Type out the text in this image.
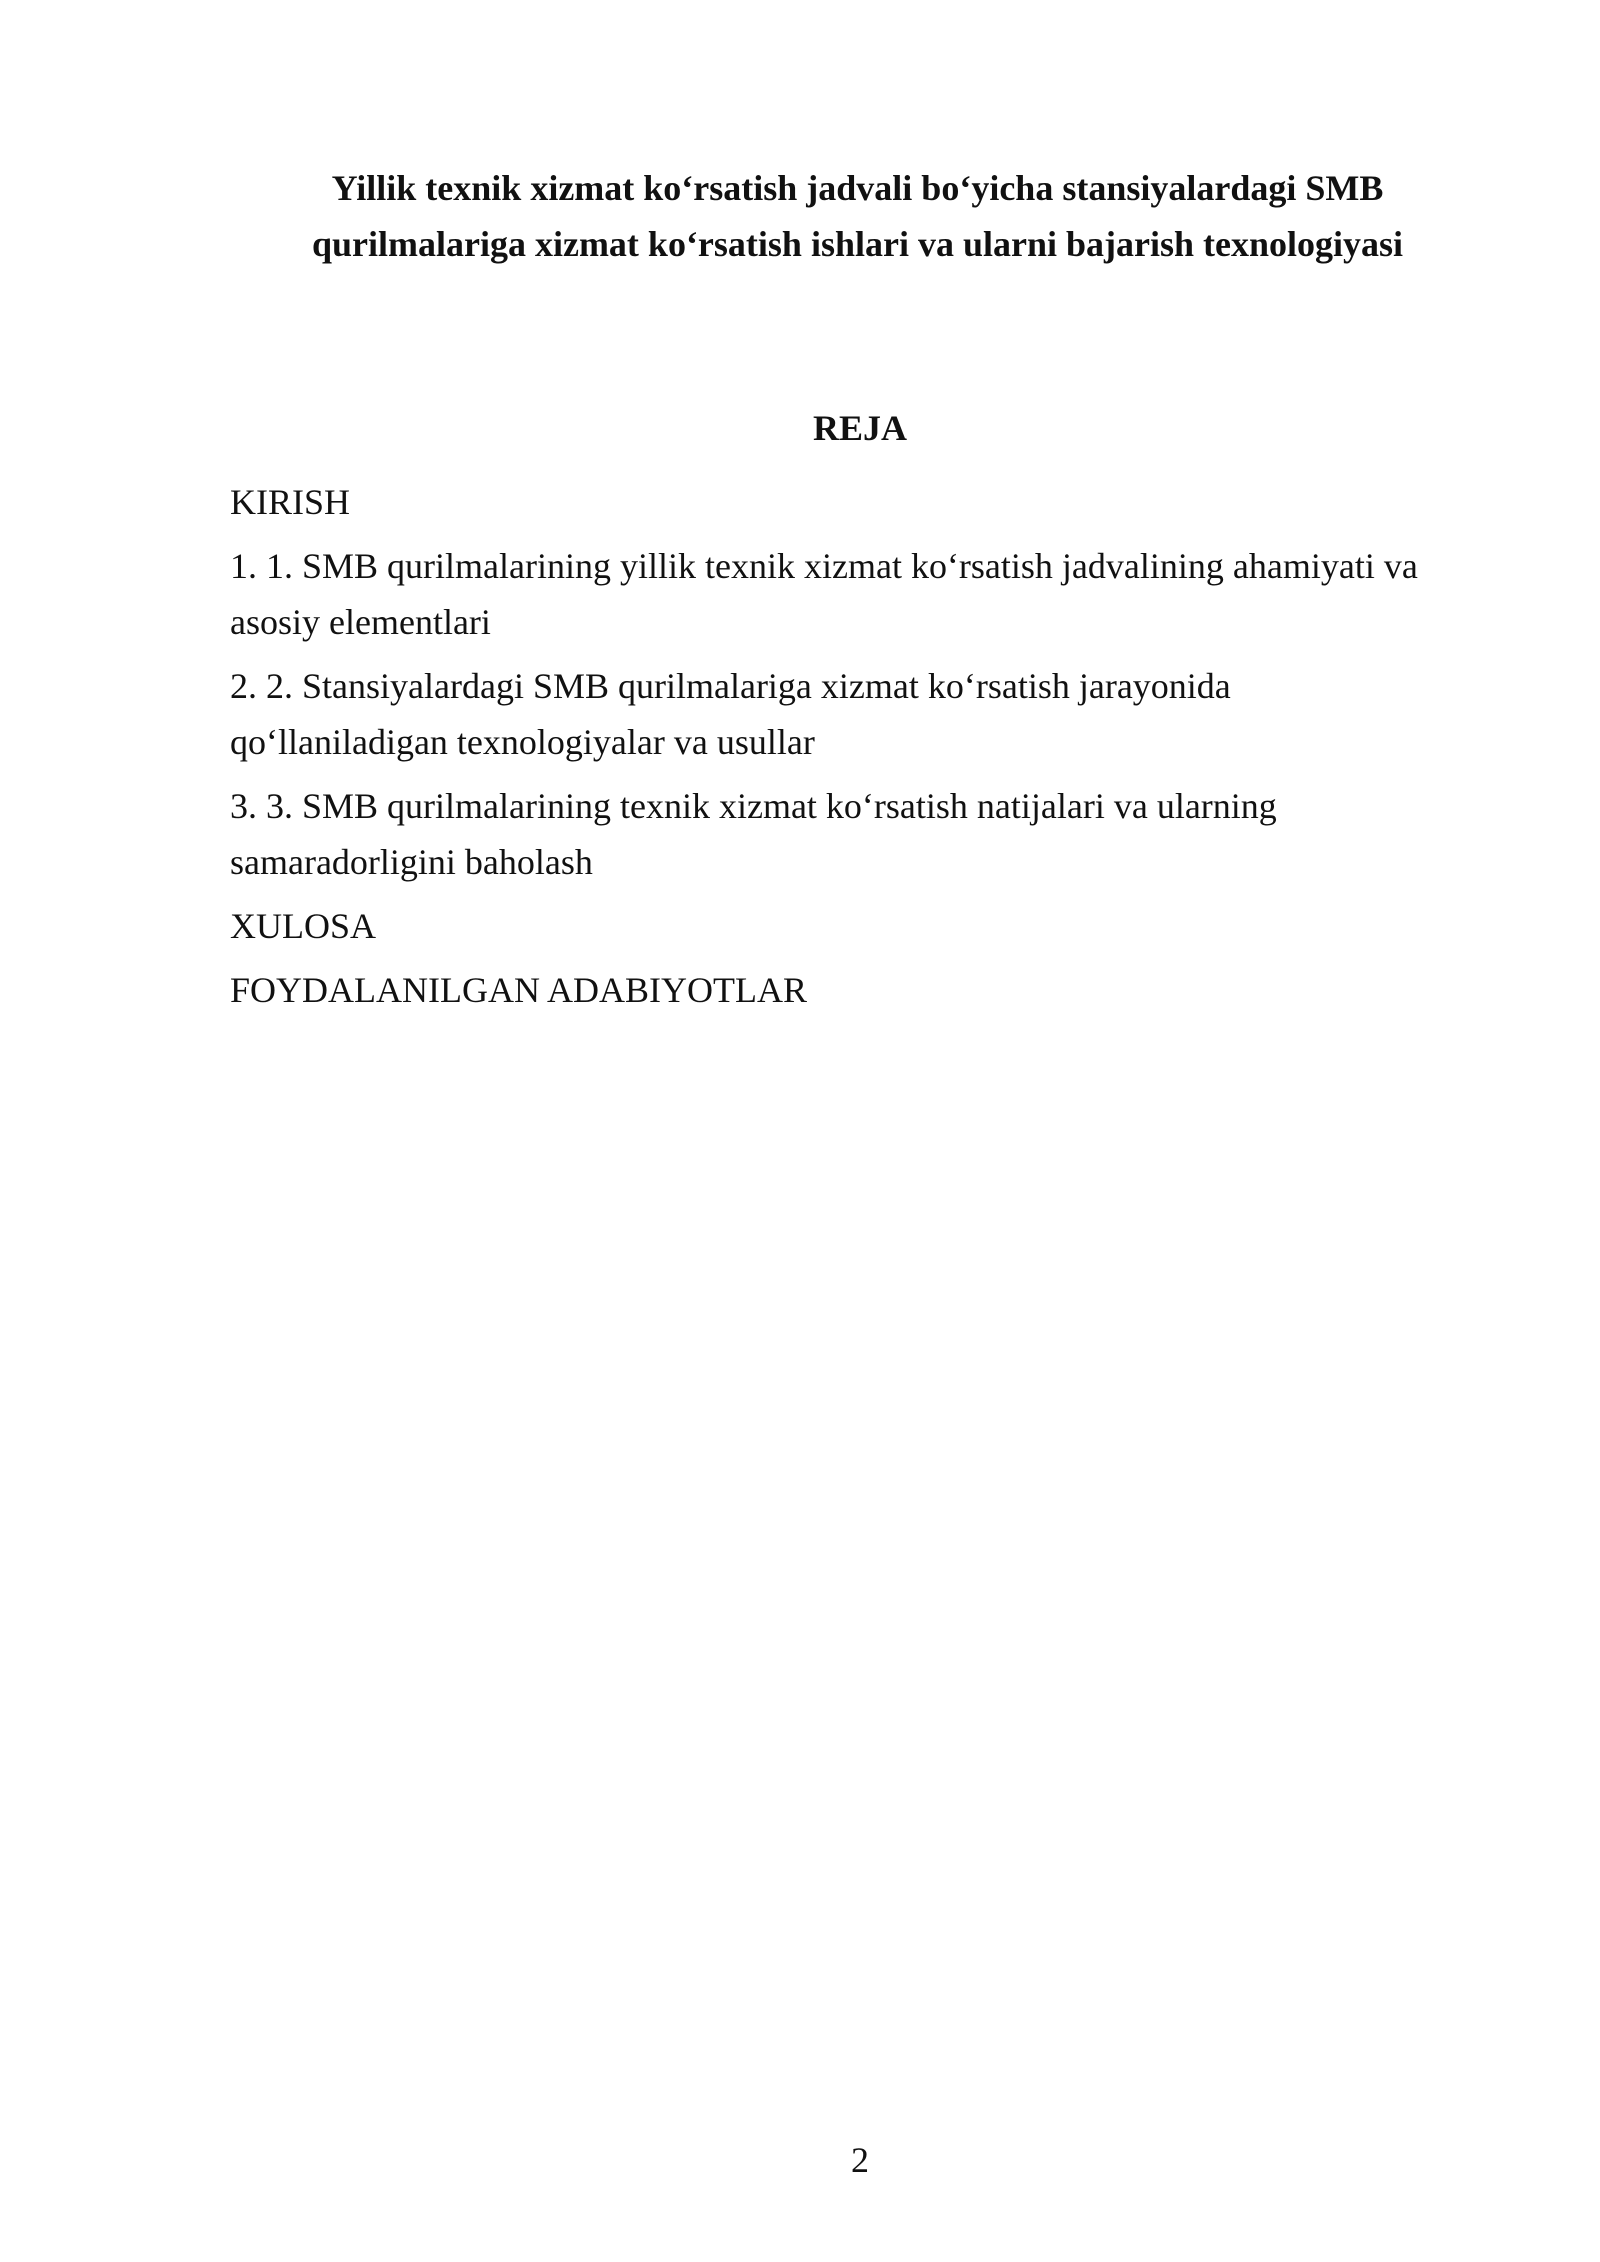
Yillik texnik xizmat ko‘rsatish jadvali bo‘yicha stansiyalardagi SMB
qurilmalariga xizmat ko‘rsatish ishlari va ularni bajarish texnologiyasi
REJA
KIRISH
1. 1. SMB qurilmalarining yillik texnik xizmat ko‘rsatish jadvalining ahamiyati va
asosiy elementlari
2. 2. Stansiyalardagi SMB qurilmalariga xizmat ko‘rsatish jarayonida
qo‘llaniladigan texnologiyalar va usullar
3. 3. SMB qurilmalarining texnik xizmat ko‘rsatish natijalari va ularning
samaradorligini baholash
XULOSA
FOYDALANILGAN ADABIYOTLAR
2
